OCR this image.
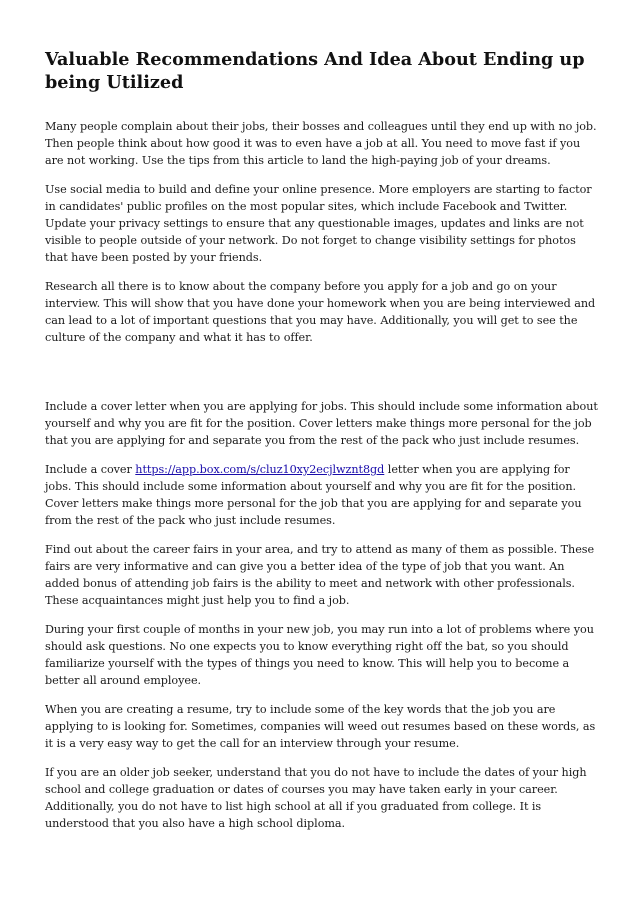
Valuable Recommendations And Idea About Ending up being Utilized

Many people complain about their jobs, their bosses and colleagues until they end up with no job. Then people think about how good it was to even have a job at all. You need to move fast if you are not working. Use the tips from this article to land the high-paying job of your dreams.

Use social media to build and define your online presence. More employers are starting to factor in candidates' public profiles on the most popular sites, which include Facebook and Twitter. Update your privacy settings to ensure that any questionable images, updates and links are not visible to people outside of your network. Do not forget to change visibility settings for photos that have been posted by your friends.

Research all there is to know about the company before you apply for a job and go on your interview. This will show that you have done your homework when you are being interviewed and can lead to a lot of important questions that you may have. Additionally, you will get to see the culture of the company and what it has to offer.

Include a cover letter when you are applying for jobs. This should include some information about yourself and why you are fit for the position. Cover letters make things more personal for the job that you are applying for and separate you from the rest of the pack who just include resumes.

Include a cover https://app.box.com/s/cluz10xy2ecjlwznt8gd letter when you are applying for jobs. This should include some information about yourself and why you are fit for the position. Cover letters make things more personal for the job that you are applying for and separate you from the rest of the pack who just include resumes.

Find out about the career fairs in your area, and try to attend as many of them as possible. These fairs are very informative and can give you a better idea of the type of job that you want. An added bonus of attending job fairs is the ability to meet and network with other professionals. These acquaintances might just help you to find a job.

During your first couple of months in your new job, you may run into a lot of problems where you should ask questions. No one expects you to know everything right off the bat, so you should familiarize yourself with the types of things you need to know. This will help you to become a better all around employee.

When you are creating a resume, try to include some of the key words that the job you are applying to is looking for. Sometimes, companies will weed out resumes based on these words, as it is a very easy way to get the call for an interview through your resume.

If you are an older job seeker, understand that you do not have to include the dates of your high school and college graduation or dates of courses you may have taken early in your career. Additionally, you do not have to list high school at all if you graduated from college. It is understood that you also have a high school diploma.
